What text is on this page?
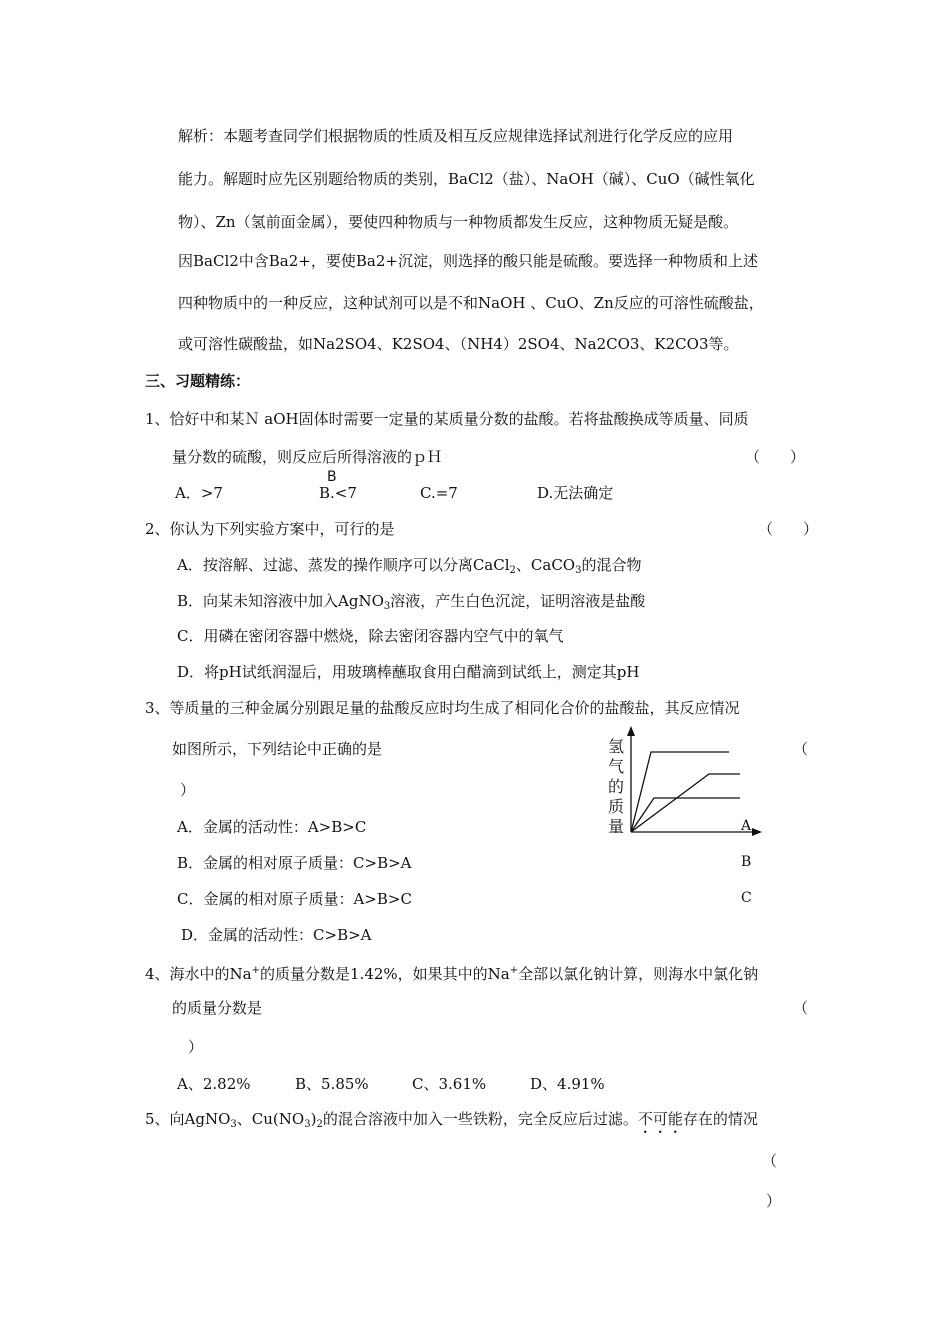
解析：本题考查同学们根据物质的性质及相互反应规律选择试剂进行化学反应的应用
能力。解题时应先区别题给物质的类别，BaCl2（盐）、NaOH（碱）、CuO（碱性氧化
物）、Zn（氢前面金属），要使四种物质与一种物质都发生反应，这种物质无疑是酸。
因BaCl2中含Ba2+，要使Ba2+沉淀，则选择的酸只能是硫酸。要选择一种物质和上述
四种物质中的一种反应，这种试剂可以是不和NaOH 、CuO、Zn反应的可溶性硫酸盐，
或可溶性碳酸盐，如Na2SO4、K2SO4、（NH4）2SO4、Na2CO3、K2CO3等。
三、习题精练：
1、恰好中和某Ｎ aOH固体时需要一定量的某质量分数的盐酸。若将盐酸换成等质量、同质
量分数的硫酸，则反应后所得溶液的ｐＨ	（　　）
B
A．>7	B.<7	C.=7	D.无法确定
2、你认为下列实验方案中，可行的是	（　　）
A．按溶解、过滤、蒸发的操作顺序可以分离CaCl$_2$、CaCO$_3$的混合物
B．向某未知溶液中加入AgNO$_3$溶液，产生白色沉淀，证明溶液是盐酸
C．用磷在密闭容器中燃烧，除去密闭容器内空气中的氧气
D．将pH试纸润湿后，用玻璃棒蘸取食用白醋滴到试纸上，测定其pH
3、等质量的三种金属分别跟足量的盐酸反应时均生成了相同化合价的盐酸盐，其反应情况
如图所示，下列结论中正确的是	（
）
A．金属的活动性：A>B>C
B．金属的相对原子质量：C>B>A
C．金属的相对原子质量：A>B>C
D．金属的活动性：C>B>A
氢
气
的
质
量	A
B
C
4、海水中的Na+的质量分数是1.42%，如果其中的Na+全部以氯化钠计算，则海水中氯化钠
的质量分数是	（
）
A、2.82%	B、5.85%	C、3.61%	D、4.91%
5、向AgNO$_3$、$Cu(NO_3)_2$的混合溶液中加入一些铁粉，完全反应后过滤。不可能存在的情况
（
）
